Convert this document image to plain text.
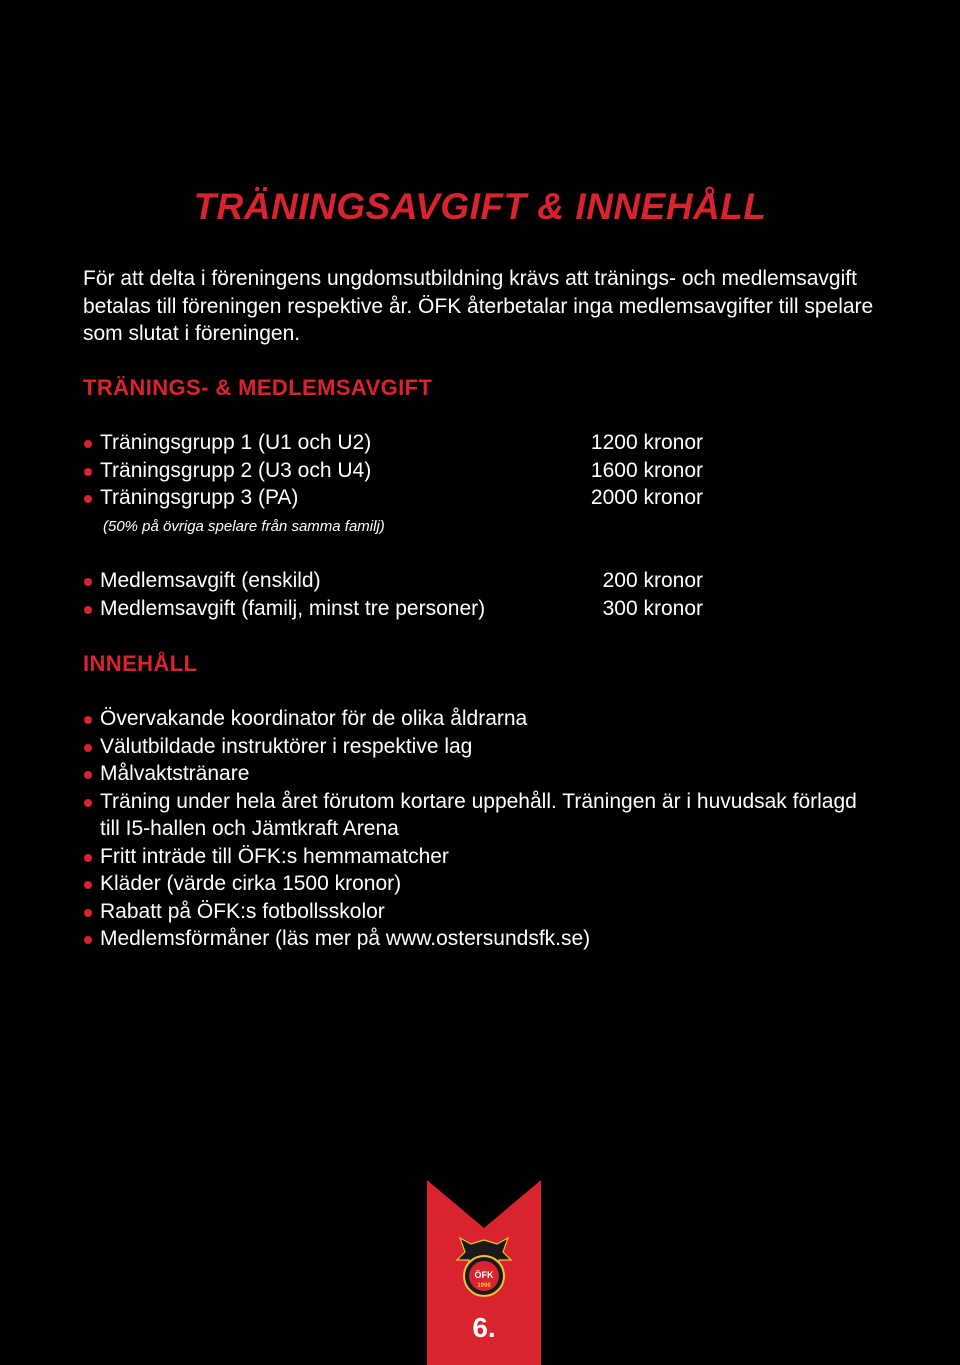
TRÄNINGSAVGIFT & INNEHÅLL

För att delta i föreningens ungdomsutbildning krävs att tränings- och medlemsavgift betalas till föreningen respektive år. ÖFK återbetalar inga medlemsavgifter till spelare som slutat i föreningen.

TRÄNINGS- & MEDLEMSAVGIFT
Träningsgrupp 1 (U1 och U2)	1200 kronor
Träningsgrupp 2 (U3 och U4)	1600 kronor
Träningsgrupp 3 (PA)	2000 kronor

(50% på övriga spelare från samma familj)

Medlemsavgift (enskild)	200 kronor
Medlemsavgift (familj, minst tre personer)	300 kronor
INNEHÅLL
Övervakande koordinator för de olika åldrarna
Välutbildade instruktörer i respektive lag
Målvaktstränare
Träning under hela året förutom kortare uppehåll. Träningen är i huvudsak förlagd till I5-hallen och Jämtkraft Arena
Fritt inträde till ÖFK:s hemmamatcher
Kläder (värde cirka 1500 kronor)
Rabatt på ÖFK:s fotbollsskolor
Medlemsförmåner (läs mer på www.ostersundsfk.se)
ÖFK
1996
6.
